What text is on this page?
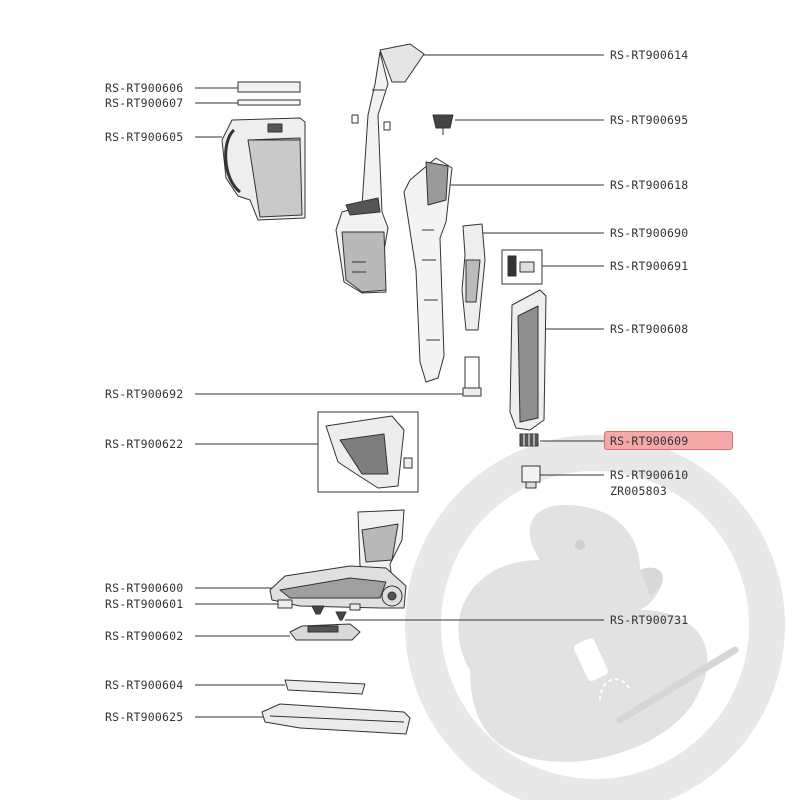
RS-RT900606
RS-RT900607
RS-RT900605
RS-RT900692
RS-RT900622
RS-RT900600
RS-RT900601
RS-RT900602
RS-RT900604
RS-RT900625
RS-RT900614
RS-RT900695
RS-RT900618
RS-RT900690
RS-RT900691
RS-RT900608
RS-RT900609
RS-RT900610
ZR005803
RS-RT900731
